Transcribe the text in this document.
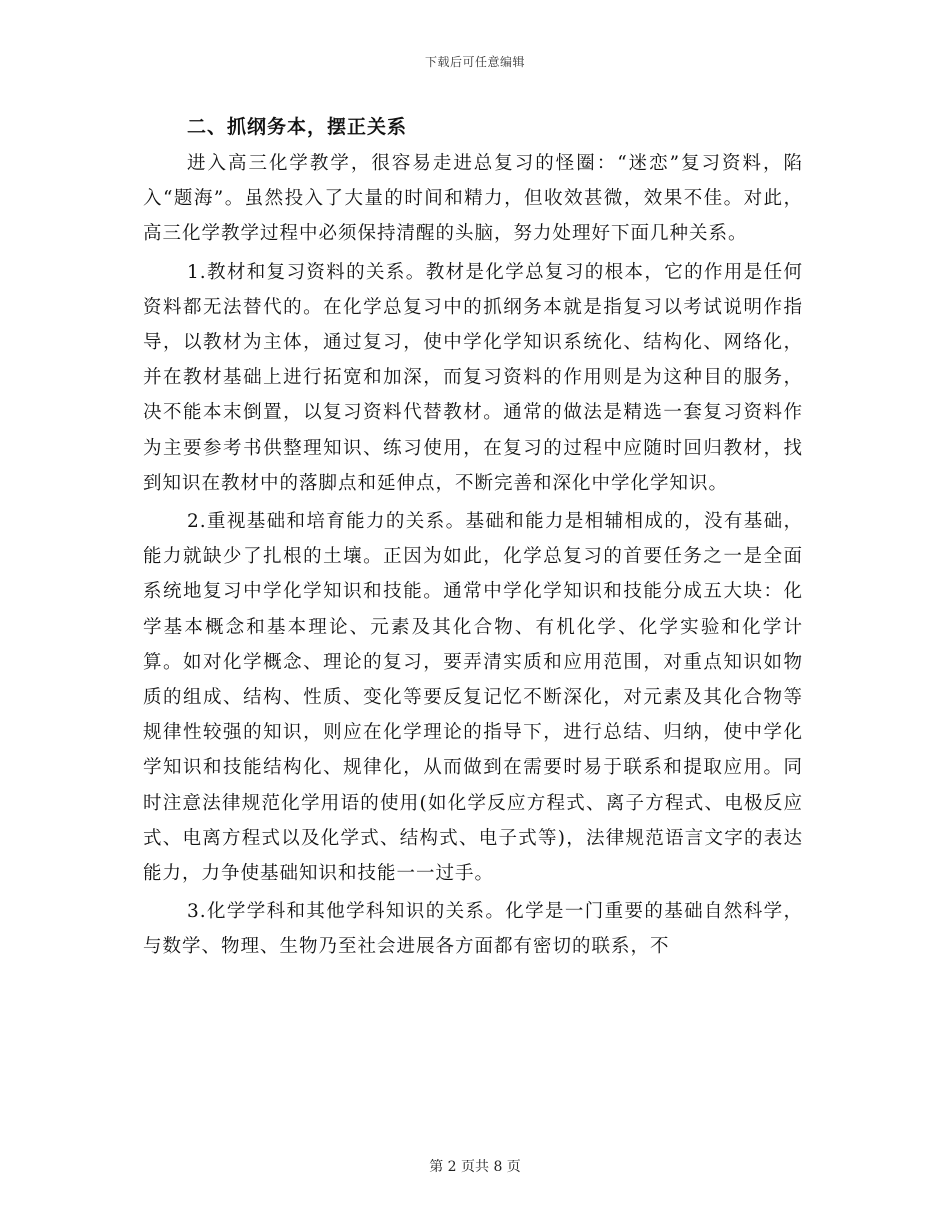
下载后可任意编辑
二、抓纲务本，摆正关系

进入高三化学教学，很容易走进总复习的怪圈：“迷恋”复习资料，陷入“题海”。虽然投入了大量的时间和精力，但收效甚微，效果不佳。对此，高三化学教学过程中必须保持清醒的头脑，努力处理好下面几种关系。

1.教材和复习资料的关系。教材是化学总复习的根本，它的作用是任何资料都无法替代的。在化学总复习中的抓纲务本就是指复习以考试说明作指导，以教材为主体，通过复习，使中学化学知识系统化、结构化、网络化，并在教材基础上进行拓宽和加深，而复习资料的作用则是为这种目的服务，决不能本末倒置，以复习资料代替教材。通常的做法是精选一套复习资料作为主要参考书供整理知识、练习使用，在复习的过程中应随时回归教材，找到知识在教材中的落脚点和延伸点，不断完善和深化中学化学知识。

2.重视基础和培育能力的关系。基础和能力是相辅相成的，没有基础，能力就缺少了扎根的土壤。正因为如此，化学总复习的首要任务之一是全面系统地复习中学化学知识和技能。通常中学化学知识和技能分成五大块：化学基本概念和基本理论、元素及其化合物、有机化学、化学实验和化学计算。如对化学概念、理论的复习，要弄清实质和应用范围，对重点知识如物质的组成、结构、性质、变化等要反复记忆不断深化，对元素及其化合物等规律性较强的知识，则应在化学理论的指导下，进行总结、归纳，使中学化学知识和技能结构化、规律化，从而做到在需要时易于联系和提取应用。同时注意法律规范化学用语的使用(如化学反应方程式、离子方程式、电极反应式、电离方程式以及化学式、结构式、电子式等)，法律规范语言文字的表达能力，力争使基础知识和技能一一过手。

3.化学学科和其他学科知识的关系。化学是一门重要的基础自然科学，与数学、物理、生物乃至社会进展各方面都有密切的联系，不

第 2 页共 8 页
